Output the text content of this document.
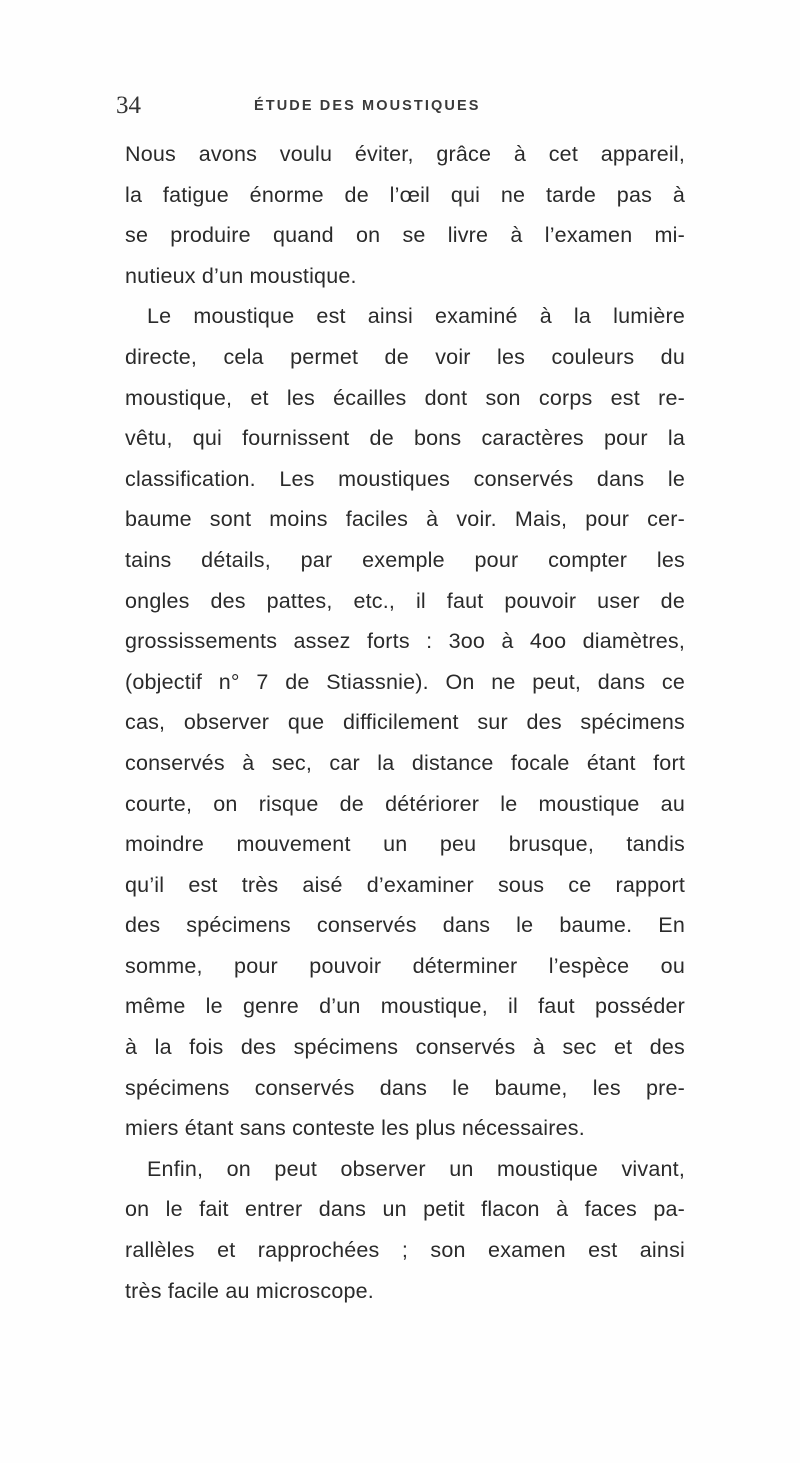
34	ÉTUDE DES MOUSTIQUES
Nous avons voulu éviter, grâce à cet appareil,
la fatigue énorme de l’œil qui ne tarde pas à
se produire quand on se livre à l’examen mi-
nutieux d’un moustique.
Le moustique est ainsi examiné à la lumière
directe, cela permet de voir les couleurs du
moustique, et les écailles dont son corps est re-
vêtu, qui fournissent de bons caractères pour la
classification. Les moustiques conservés dans le
baume sont moins faciles à voir. Mais, pour cer-
tains détails, par exemple pour compter les
ongles des pattes, etc., il faut pouvoir user de
grossissements assez forts : 3oo à 4oo diamètres,
(objectif n° 7 de Stiassnie). On ne peut, dans ce
cas, observer que difficilement sur des spécimens
conservés à sec, car la distance focale étant fort
courte, on risque de détériorer le moustique au
moindre mouvement un peu brusque, tandis
qu’il est très aisé d’examiner sous ce rapport
des spécimens conservés dans le baume. En
somme, pour pouvoir déterminer l’espèce ou
même le genre d’un moustique, il faut posséder
à la fois des spécimens conservés à sec et des
spécimens conservés dans le baume, les pre-
miers étant sans conteste les plus nécessaires.
Enfin, on peut observer un moustique vivant,
on le fait entrer dans un petit flacon à faces pa-
rallèles et rapprochées ; son examen est ainsi
très facile au microscope.
